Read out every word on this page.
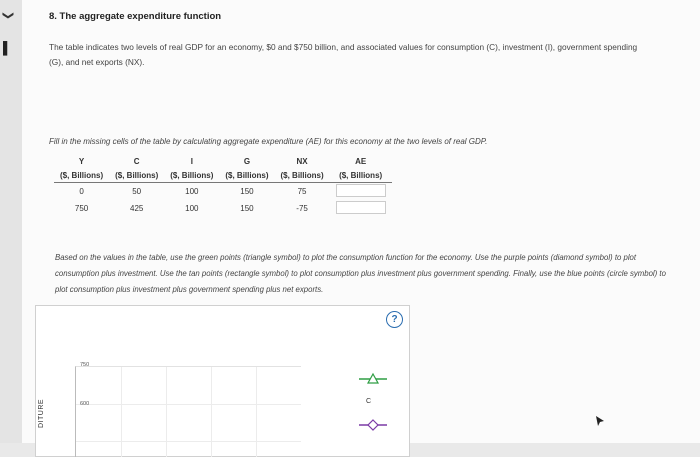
❯
▌
8. The aggregate expenditure function
The table indicates two levels of real GDP for an economy, $0 and $750 billion, and associated values for consumption (C), investment (I), government spending (G), and net exports (NX).
Fill in the missing cells of the table by calculating aggregate expenditure (AE) for this economy at the two levels of real GDP.
Y	C	I	G	NX	AE
($, Billions)	($, Billions)	($, Billions)	($, Billions)	($, Billions)	($, Billions)
0	50	100	150	75	
750	425	100	150	-75	
Based on the values in the table, use the green points (triangle symbol) to plot the consumption function for the economy. Use the purple points (diamond symbol) to plot consumption plus investment. Use the tan points (rectangle symbol) to plot consumption plus investment plus government spending. Finally, use the blue points (circle symbol) to plot consumption plus investment plus government spending plus net exports.
?
750
600
DITURE	C
